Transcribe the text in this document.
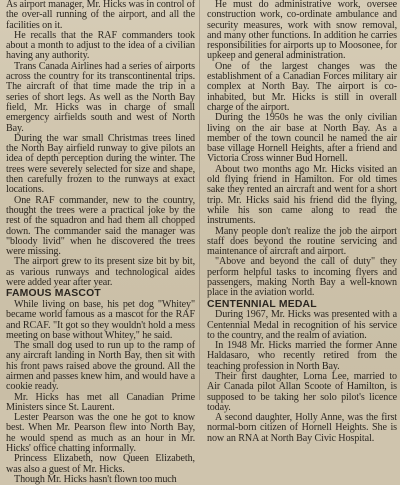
As airport manager, Mr. Hicks was in control of the over-all running of the airport, and all the facilities on it.

He recalls that the RAF commanders took about a month to adjust to the idea of a civilian having any authority.

Trans Canada Airlines had a series of airports across the country for its transcontinental trips. The aircraft of that time made the trip in a series of short legs. As well as the North Bay field, Mr. Hicks was in charge of small emergency airfields south and west of North Bay.

During the war small Christmas trees lined the North Bay airfield runway to give pilots an idea of depth perception during the winter. The trees were severely selected for size and shape, then carefully frozen to the runways at exact locations.

One RAF commander, new to the country, thought the trees were a practical joke by the rest of the squadron and had them all chopped down. The commander said the manager was "bloody livid" when he discovered the trees were missing.

The airport grew to its present size bit by bit, as various runways and technological aides were added year after year.

FAMOUS MASCOT

While living on base, his pet dog "Whitey" became world famous as a mascot for the RAF and RCAF. "It got so they wouldn't hold a mess meeting on base without Whitey," he said.

The small dog used to run up to the ramp of any aircraft landing in North Bay, then sit with his front paws raised above the ground. All the airmen and passes knew him, and would have a cookie ready.

Mr. Hicks has met all Canadian Prime Ministers since St. Laurent.

Lester Pearson was the one he got to know best. When Mr. Pearson flew into North Bay, he would spend as much as an hour in Mr. Hicks' office chatting informally.

Princess Elizabeth, now Queen Elizabeth, was also a guest of Mr. Hicks.

Though Mr. Hicks hasn't flown too much

He must do administrative work, oversee construction work, co-ordinate ambulance and security measures, work with snow removal, and many other functions. In addition he carries responsibilities for airports up to Moosonee, for upkeep and general administration.

One of the largest changes was the establishment of a Canadian Forces military air complex at North Bay. The airport is co-inhabited, but Mr. Hicks is still in overall charge of the airport.

During the 1950s he was the only civilian living on the air base at North Bay. As a member of the town council he named the air base village Hornell Heights, after a friend and Victoria Cross winner Bud Hornell.

About two months ago Mr. Hicks visited an old flying friend in Hamilton. For old times sake they rented an aircraft and went for a short trip. Mr. Hicks said his friend did the flying, while his son came along to read the instruments.

Many people don't realize the job the airport staff does beyond the routine servicing and maintenance of aircraft and airport.

"Above and beyond the call of duty" they perform helpful tasks to incoming flyers and passengers, making North Bay a well-known place in the aviation world.

CENTENNIAL MEDAL

During 1967, Mr. Hicks was presented with a Centennial Medal in recognition of his service to the country, and the realm of aviation.

In 1948 Mr. Hicks married the former Anne Haldasaro, who recently retired from the teaching profession in North Bay.

Their first daughter, Lorna Lee, married to Air Canada pilot Allan Scoote of Hamilton, is supposed to be taking her solo pilot's licence today.

A second daughter, Holly Anne, was the first normal-born citizen of Hornell Heights. She is now an RNA at North Bay Civic Hospital.
